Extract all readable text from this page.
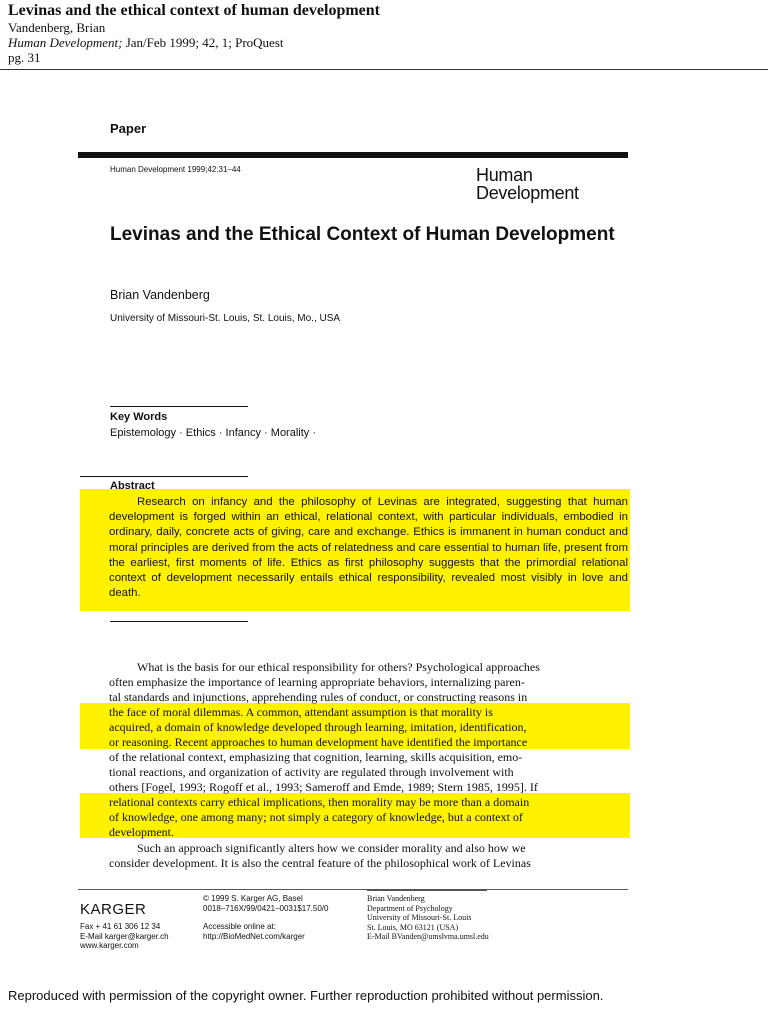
Levinas and the ethical context of human development
Vandenberg, Brian
Human Development; Jan/Feb 1999; 42, 1; ProQuest
pg. 31
Paper
Human Development 1999;42:31–44	Human
Development
Levinas and the Ethical Context of Human Development
Brian Vandenberg
University of Missouri-St. Louis, St. Louis, Mo., USA
Key Words
Epistemology · Ethics · Infancy · Morality ·
Abstract
Research on infancy and the philosophy of Levinas are integrated, suggesting that human development is forged within an ethical, relational context, with particular individuals, embodied in ordinary, daily, concrete acts of giving, care and exchange. Ethics is immanent in human conduct and moral principles are derived from the acts of relatedness and care essential to human life, present from the earliest, first moments of life. Ethics as first philosophy suggests that the primordial relational context of development necessarily entails ethical responsibility, revealed most visibly in love and death.
What is the basis for our ethical responsibility for others? Psychological approaches
often emphasize the importance of learning appropriate behaviors, internalizing paren-
tal standards and injunctions, apprehending rules of conduct, or constructing reasons in
the face of moral dilemmas. A common, attendant assumption is that morality is
acquired, a domain of knowledge developed through learning, imitation, identification,
or reasoning. Recent approaches to human development have identified the importance
of the relational context, emphasizing that cognition, learning, skills acquisition, emo-
tional reactions, and organization of activity are regulated through involvement with
others [Fogel, 1993; Rogoff et al., 1993; Sameroff and Emde, 1989; Stern 1985, 1995]. If
relational contexts carry ethical implications, then morality may be more than a domain
of knowledge, one among many; not simply a category of knowledge, but a context of
development.
Such an approach significantly alters how we consider morality and also how we
consider development. It is also the central feature of the philosophical work of Levinas
KARGER
Fax + 41 61 306 12 34
E-Mail karger@karger.ch
www.karger.com
© 1999 S. Karger AG, Basel
0018–716X/99/0421–0031$17.50/0
Accessible online at:
http://BioMedNet.com/karger
Brian Vandenberg
Department of Psychology
University of Missouri-St. Louis
St. Louis, MO 63121 (USA)
E-Mail BVanden@umslvma.umsl.edu
Reproduced with permission of the copyright owner. Further reproduction prohibited without permission.
